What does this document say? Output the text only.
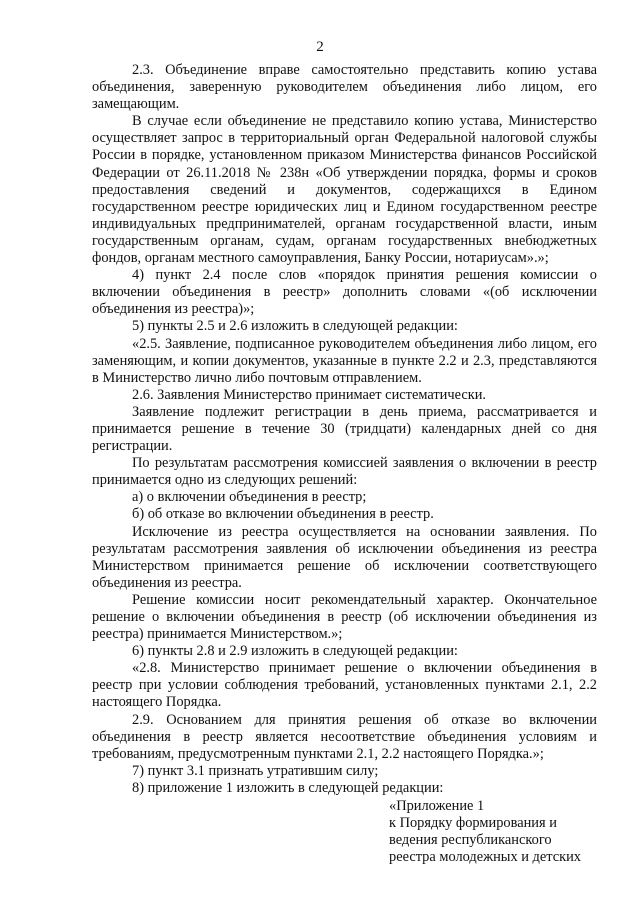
2

2.3. Объединение вправе самостоятельно представить копию устава объединения, заверенную руководителем объединения либо лицом, его замещающим.

В случае если объединение не представило копию устава, Министерство осуществляет запрос в территориальный орган Федеральной налоговой службы России в порядке, установленном приказом Министерства финансов Российской Федерации от 26.11.2018 № 238н «Об утверждении порядка, формы и сроков предоставления сведений и документов, содержащихся в Едином государственном реестре юридических лиц и Едином государственном реестре индивидуальных предпринимателей, органам государственной власти, иным государственным органам, судам, органам государственных внебюджетных фондов, органам местного самоуправления, Банку России, нотариусам».»;

4) пункт 2.4 после слов «порядок принятия решения комиссии о включении объединения в реестр» дополнить словами «(об исключении объединения из реестра)»;

5) пункты 2.5 и 2.6 изложить в следующей редакции:

«2.5. Заявление, подписанное руководителем объединения либо лицом, его заменяющим, и копии документов, указанные в пункте 2.2 и 2.3, представляются в Министерство лично либо почтовым отправлением.

2.6. Заявления Министерство принимает систематически.

Заявление подлежит регистрации в день приема, рассматривается и принимается решение в течение 30 (тридцати) календарных дней со дня регистрации.

По результатам рассмотрения комиссией заявления о включении в реестр принимается одно из следующих решений:

а) о включении объединения в реестр;

б) об отказе во включении объединения в реестр.

Исключение из реестра осуществляется на основании заявления. По результатам рассмотрения заявления об исключении объединения из реестра Министерством принимается решение об исключении соответствующего объединения из реестра.

Решение комиссии носит рекомендательный характер. Окончательное решение о включении объединения в реестр (об исключении объединения из реестра) принимается Министерством.»;

6) пункты 2.8 и 2.9 изложить в следующей редакции:

«2.8. Министерство принимает решение о включении объединения в реестр при условии соблюдения требований, установленных пунктами 2.1, 2.2 настоящего Порядка.

2.9. Основанием для принятия решения об отказе во включении объединения в реестр является несоответствие объединения условиям и требованиям, предусмотренным пунктами 2.1, 2.2 настоящего Порядка.»;

7) пункт 3.1 признать утратившим силу;

8) приложение 1 изложить в следующей редакции:

«Приложение 1
к Порядку формирования и
ведения республиканского
реестра молодежных и детских
